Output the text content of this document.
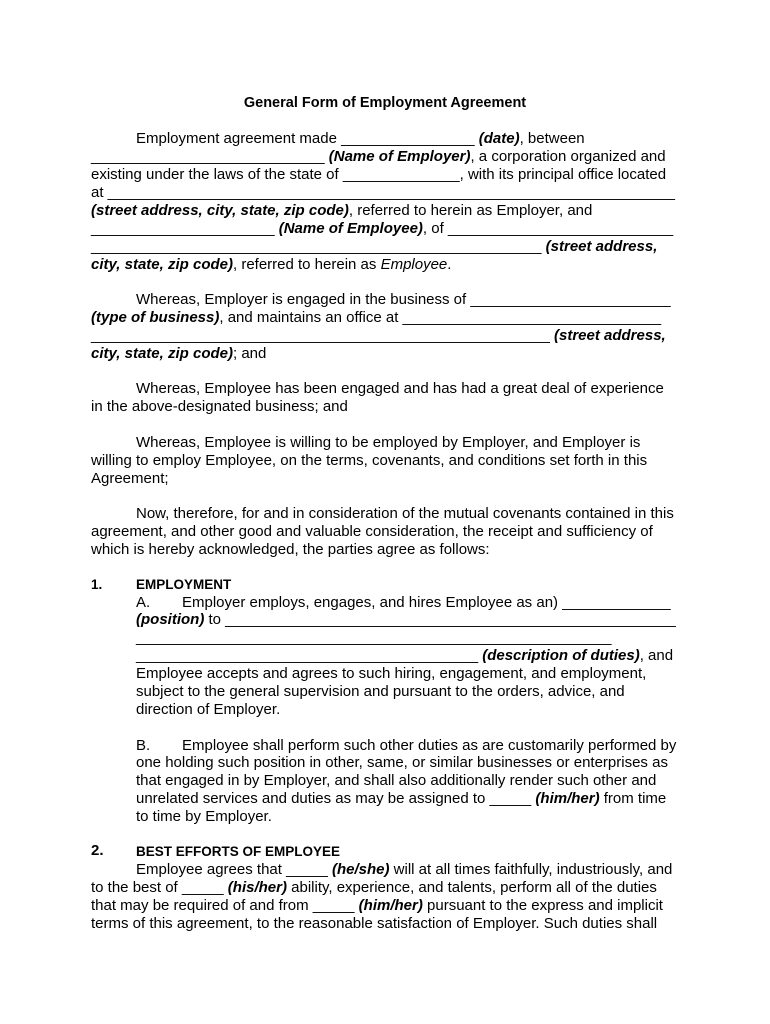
General Form of Employment Agreement

Employment agreement made ________________ (date), between

____________________________ (Name of Employer), a corporation organized and

existing under the laws of the state of ______________, with its principal office located

at ____________________________________________________________________

(street address, city, state, zip code), referred to herein as Employer, and

______________________ (Name of Employee), of ___________________________

______________________________________________________ (street address,

city, state, zip code), referred to herein as Employee.

Whereas, Employer is engaged in the business of ________________________

(type of business), and maintains an office at _______________________________

_______________________________________________________ (street address,

city, state, zip code); and

Whereas, Employee has been engaged and has had a great deal of experience

in the above-designated business; and

Whereas, Employee is willing to be employed by Employer, and Employer is

willing to employ Employee, on the terms, covenants, and conditions set forth in this

Agreement;

Now, therefore, for and in consideration of the mutual covenants contained in this

agreement, and other good and valuable consideration, the receipt and sufficiency of

which is hereby acknowledged, the parties agree as follows:

1. EMPLOYMENT

A. Employer employs, engages, and hires Employee as an) _____________

(position) to ______________________________________________________

_________________________________________________________

_________________________________________ (description of duties), and

Employee accepts and agrees to such hiring, engagement, and employment,

subject to the general supervision and pursuant to the orders, advice, and

direction of Employer.

B. Employee shall perform such other duties as are customarily performed by

one holding such position in other, same, or similar businesses or enterprises as

that engaged in by Employer, and shall also additionally render such other and

unrelated services and duties as may be assigned to _____ (him/her) from time

to time by Employer.

2. BEST EFFORTS OF EMPLOYEE

Employee agrees that _____ (he/she) will at all times faithfully, industriously, and

to the best of _____ (his/her) ability, experience, and talents, perform all of the duties

that may be required of and from _____ (him/her) pursuant to the express and implicit

terms of this agreement, to the reasonable satisfaction of Employer. Such duties shall
